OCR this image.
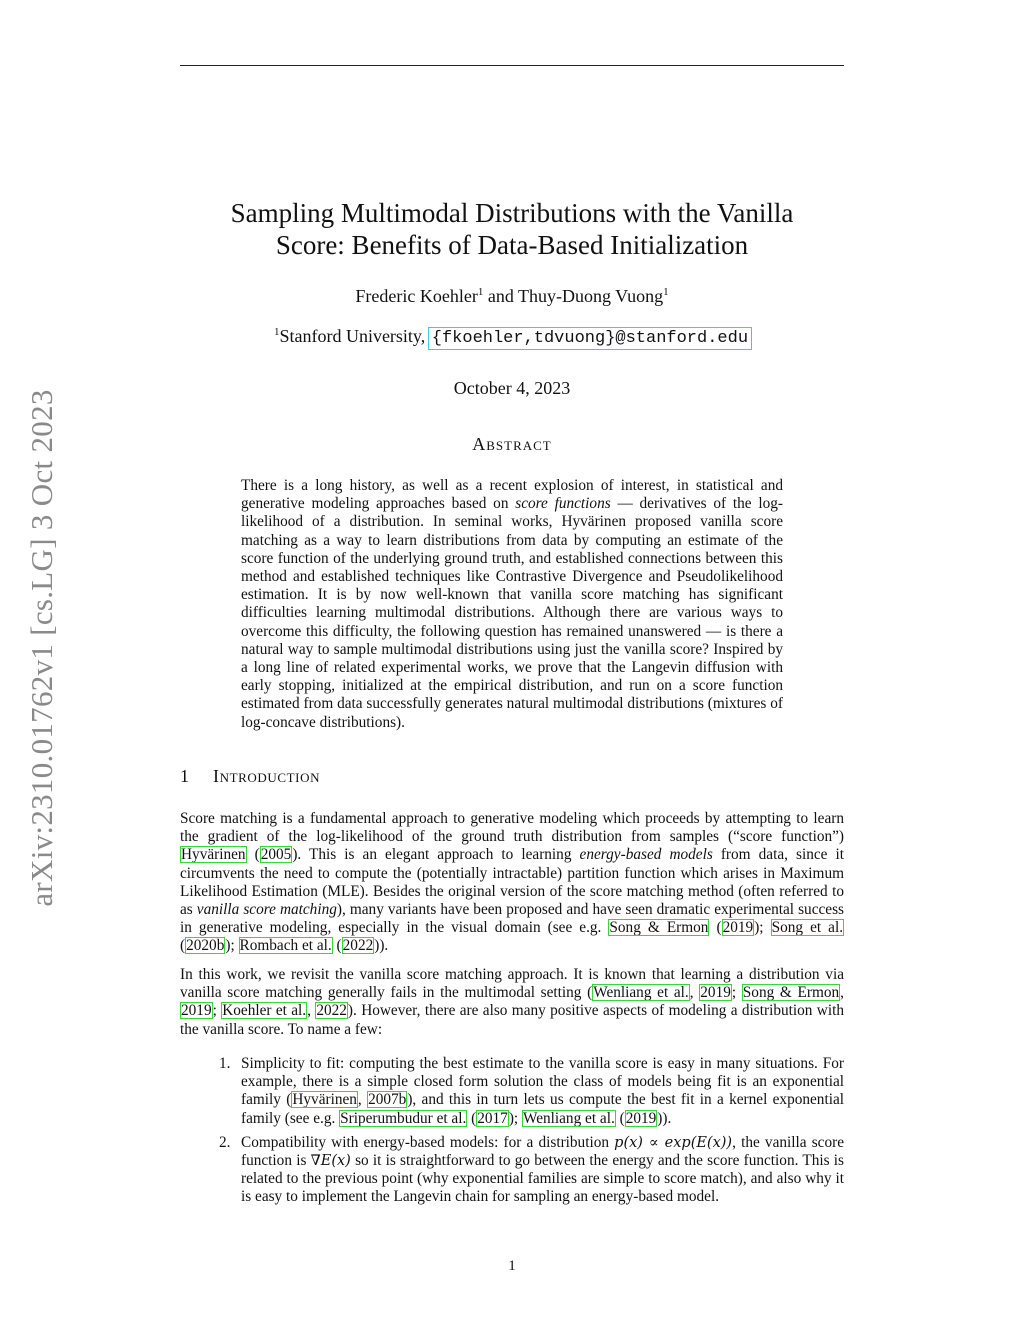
arXiv:2310.01762v1 [cs.LG] 3 Oct 2023
Sampling Multimodal Distributions with the Vanilla
Score: Benefits of Data-Based Initialization
Frederic Koehler$^1$ and Thuy-Duong Vuong$^1$
$^1$Stanford University, {fkoehler,tdvuong}@stanford.edu
October 4, 2023
Abstract

There is a long history, as well as a recent explosion of interest, in statistical and generative modeling approaches based on score functions — derivatives of the log-likelihood of a distribution. In seminal works, Hyvärinen proposed vanilla score matching as a way to learn distributions from data by computing an estimate of the score function of the underlying ground truth, and established connections between this method and established techniques like Contrastive Divergence and Pseudolikelihood estimation. It is by now well-known that vanilla score matching has significant difficulties learning multimodal distributions. Although there are various ways to overcome this difficulty, the following question has remained unanswered — is there a natural way to sample multimodal distributions using just the vanilla score? Inspired by a long line of related experimental works, we prove that the Langevin diffusion with early stopping, initialized at the empirical distribution, and run on a score function estimated from data successfully generates natural multimodal distributions (mixtures of log-concave distributions).

1 Introduction

Score matching is a fundamental approach to generative modeling which proceeds by attempting to learn the gradient of the log-likelihood of the ground truth distribution from samples (“score function”) Hyvärinen (2005). This is an elegant approach to learning energy-based models from data, since it circumvents the need to compute the (potentially intractable) partition function which arises in Maximum Likelihood Estimation (MLE). Besides the original version of the score matching method (often referred to as vanilla score matching), many variants have been proposed and have seen dramatic experimental success in generative modeling, especially in the visual domain (see e.g. Song & Ermon (2019); Song et al. (2020b); Rombach et al. (2022)).

In this work, we revisit the vanilla score matching approach. It is known that learning a distribution via vanilla score matching generally fails in the multimodal setting (Wenliang et al., 2019; Song & Ermon, 2019; Koehler et al., 2022). However, there are also many positive aspects of modeling a distribution with the vanilla score. To name a few:

1. Simplicity to fit: computing the best estimate to the vanilla score is easy in many situations. For example, there is a simple closed form solution the class of models being fit is an exponential family (Hyvärinen, 2007b), and this in turn lets us compute the best fit in a kernel exponential family (see e.g. Sriperumbudur et al. (2017); Wenliang et al. (2019)).
2. Compatibility with energy-based models: for a distribution p(x) ∝ exp(E(x)), the vanilla score function is ∇E(x) so it is straightforward to go between the energy and the score function. This is related to the previous point (why exponential families are simple to score match), and also why it is easy to implement the Langevin chain for sampling an energy-based model.
1
